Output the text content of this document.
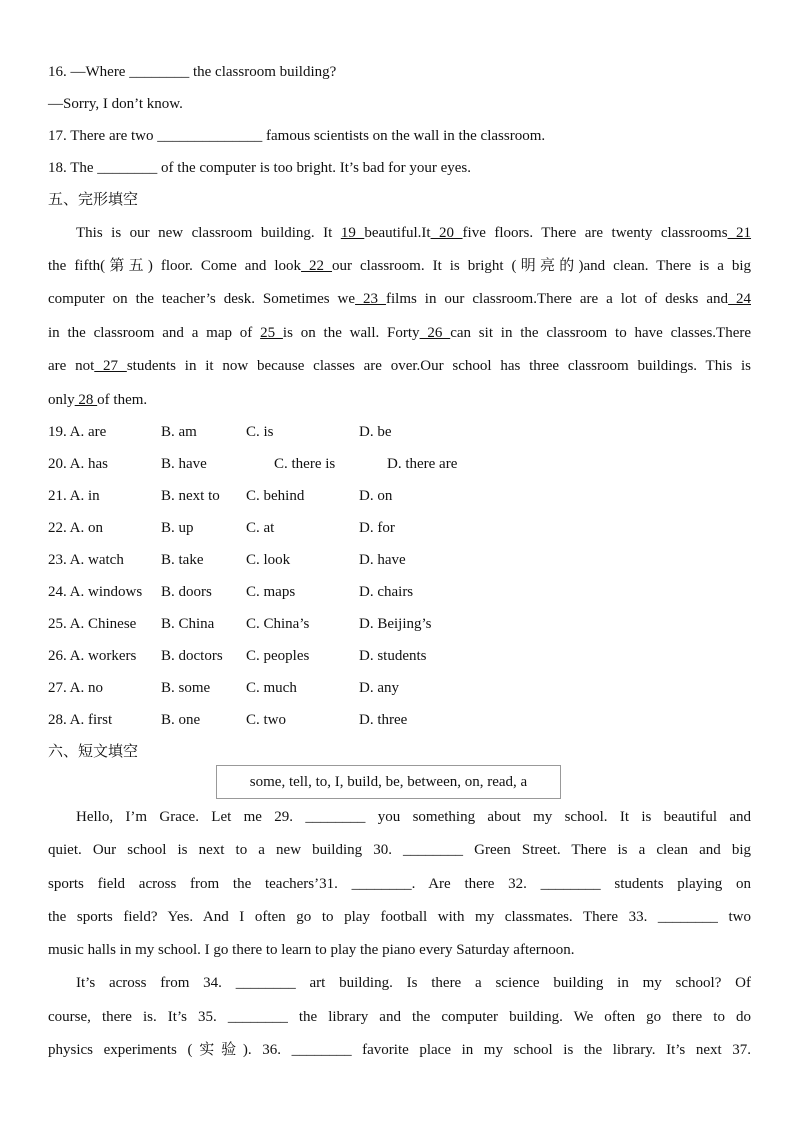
16. —Where ________ the classroom building?
—Sorry, I don’t know.
17. There are two ______________ famous scientists on the wall in the classroom.
18. The ________ of the computer is too bright. It’s bad for your eyes.
五、完形填空
This is our new classroom building. It 19 beautiful.It 20 five floors. There are twenty classrooms 21
the fifth(第五) floor. Come and look 22 our classroom. It is bright (明亮的)and clean. There is a big
computer on the teacher’s desk. Sometimes we 23 films in our classroom.There are a lot of desks and 24
in the classroom and a map of 25 is on the wall. Forty 26 can sit in the classroom to have classes.There
are not 27 students in it now because classes are over.Our school has three classroom buildings. This is
only 28 of them.
19. A. are	B. am	C. is	D. be
20. A. has	B. have	C. there is	D. there are
21. A. in	B. next to C. behind	D. on
22. A. on	B. up	C. at	D. for
23. A. watch B. take	C. look	D. have
24. A. windows B. doors C. maps	D. chairs
25. A. Chinese B. China C. China’s	D. Beijing’s
26. A. workers B. doctors C. peoples	D. students
27. A. no	B. some C. much	D. any
28. A. first	B. one	C. two	D. three
六、短文填空
some, tell, to, I, build, be, between, on, read, a
Hello, I’m Grace. Let me 29. ________ you something about my school. It is beautiful and
quiet. Our school is next to a new building 30. ________ Green Street. There is a clean and big
sports field across from the teachers’31. ________. Are there 32. ________ students playing on
the sports field? Yes. And I often go to play football with my classmates. There 33. ________ two
music halls in my school. I go there to learn to play the piano every Saturday afternoon.
It’s across from 34. ________ art building. Is there a science building in my school? Of
course, there is. It’s 35. ________ the library and the computer building. We often go there to do
physics experiments (实验). 36. ________ favorite place in my school is the library. It’s next 37.
